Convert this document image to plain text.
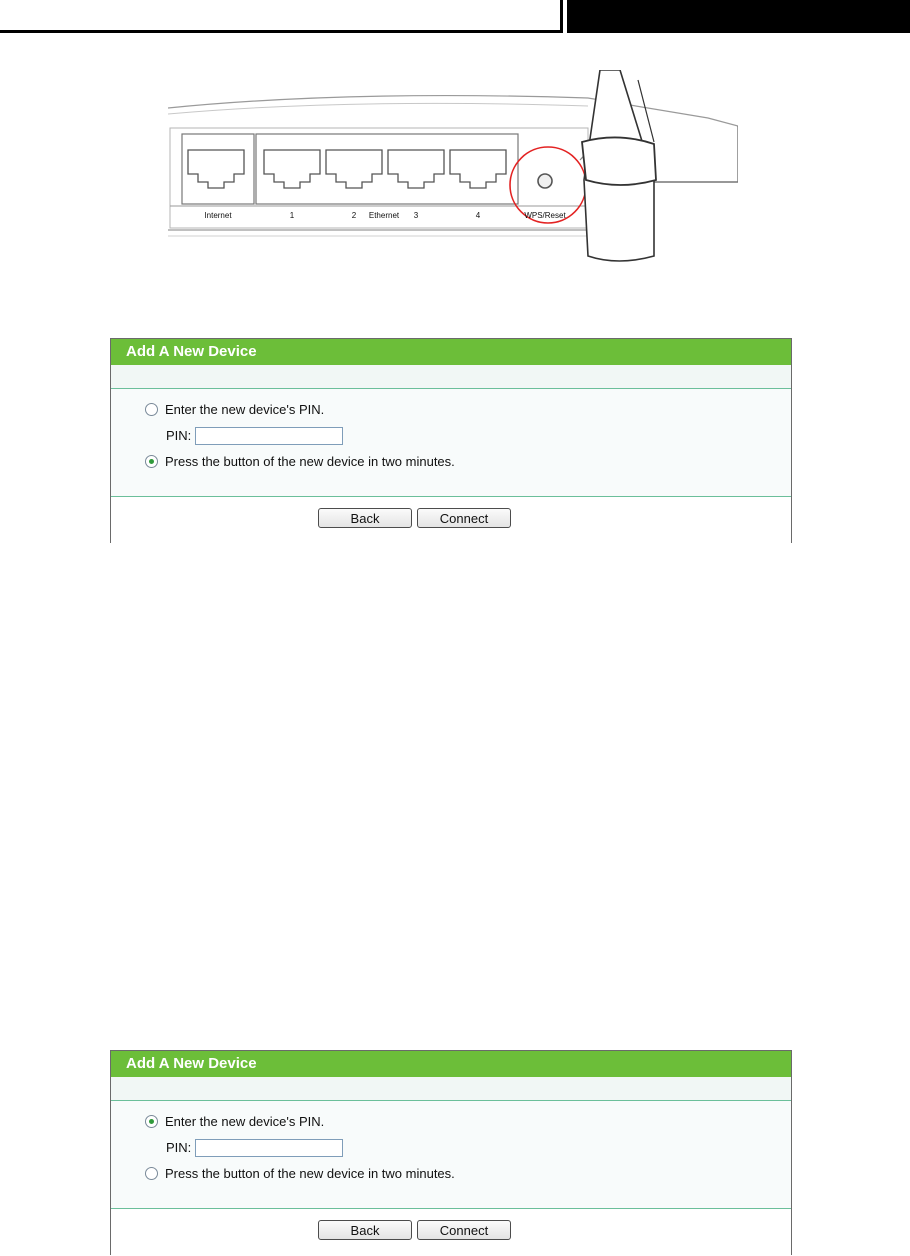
Internet	1	2 Ethernet 3	4	WPS/Reset
Add A New Device
Enter the new device's PIN.
PIN:
Press the button of the new device in two minutes.
Back	Connect
Add A New Device
Enter the new device's PIN.
PIN:
Press the button of the new device in two minutes.
Back	Connect
